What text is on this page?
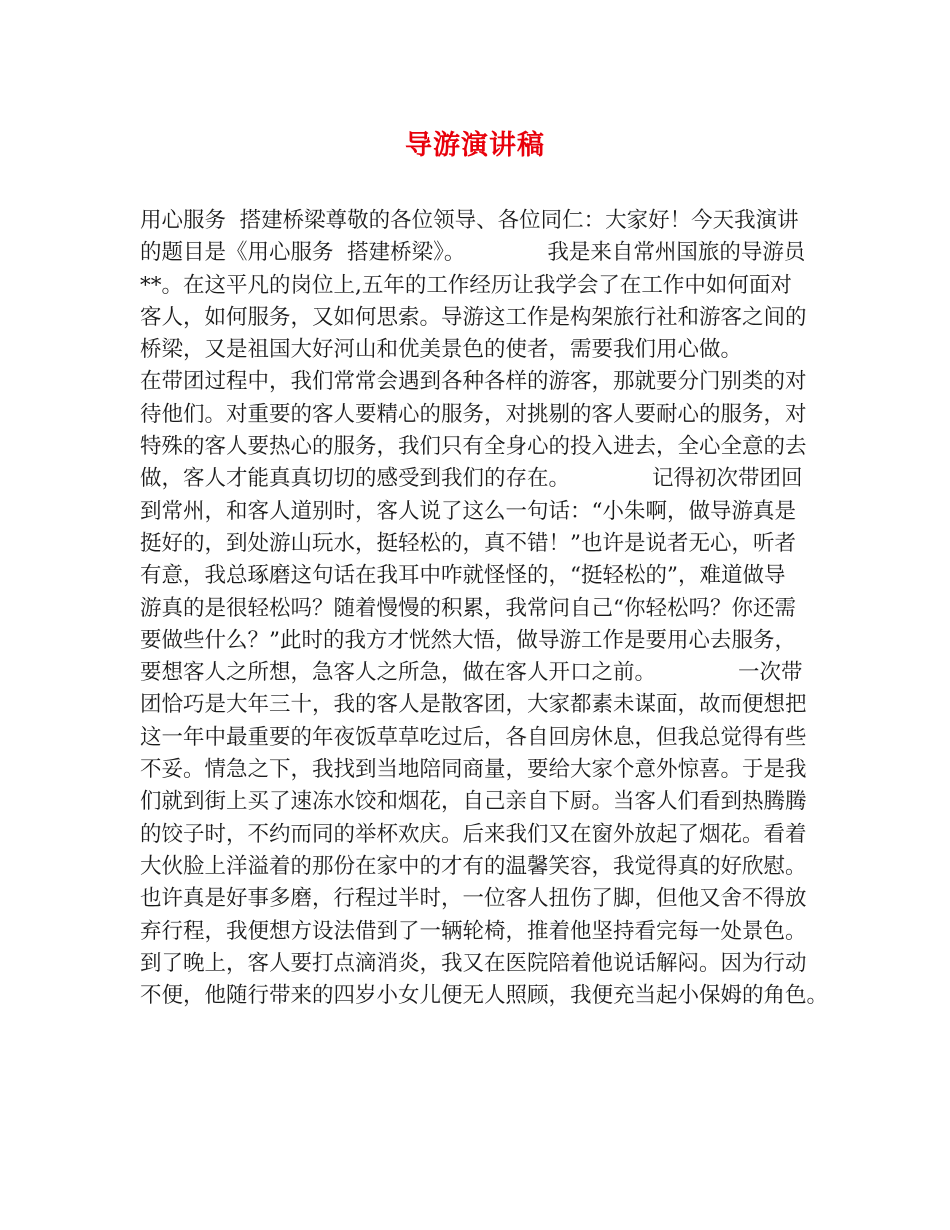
导游演讲稿
用心服务  搭建桥梁尊敬的各位领导、各位同仁：大家好！今天我演讲
的题目是《用心服务  搭建桥梁》。            我是来自常州国旅的导游员
**。在这平凡的岗位上,五年的工作经历让我学会了在工作中如何面对
客人，如何服务，又如何思索。导游这工作是构架旅行社和游客之间的
桥梁，又是祖国大好河山和优美景色的使者，需要我们用心做。
在带团过程中，我们常常会遇到各种各样的游客，那就要分门别类的对
待他们。对重要的客人要精心的服务，对挑剔的客人要耐心的服务，对
特殊的客人要热心的服务，我们只有全身心的投入进去，全心全意的去
做，客人才能真真切切的感受到我们的存在。            记得初次带团回
到常州，和客人道别时，客人说了这么一句话：“小朱啊，做导游真是
挺好的，到处游山玩水，挺轻松的，真不错！”也许是说者无心，听者
有意，我总琢磨这句话在我耳中咋就怪怪的，“挺轻松的”，难道做导
游真的是很轻松吗？随着慢慢的积累，我常问自己“你轻松吗？你还需
要做些什么？”此时的我方才恍然大悟，做导游工作是要用心去服务，
要想客人之所想，急客人之所急，做在客人开口之前。            一次带
团恰巧是大年三十，我的客人是散客团，大家都素未谋面，故而便想把
这一年中最重要的年夜饭草草吃过后，各自回房休息，但我总觉得有些
不妥。情急之下，我找到当地陪同商量，要给大家个意外惊喜。于是我
们就到街上买了速冻水饺和烟花，自己亲自下厨。当客人们看到热腾腾
的饺子时，不约而同的举杯欢庆。后来我们又在窗外放起了烟花。看着
大伙脸上洋溢着的那份在家中的才有的温馨笑容，我觉得真的好欣慰。
也许真是好事多磨，行程过半时，一位客人扭伤了脚，但他又舍不得放
弃行程，我便想方设法借到了一辆轮椅，推着他坚持看完每一处景色。
到了晚上，客人要打点滴消炎，我又在医院陪着他说话解闷。因为行动
不便，他随行带来的四岁小女儿便无人照顾，我便充当起小保姆的角色。
